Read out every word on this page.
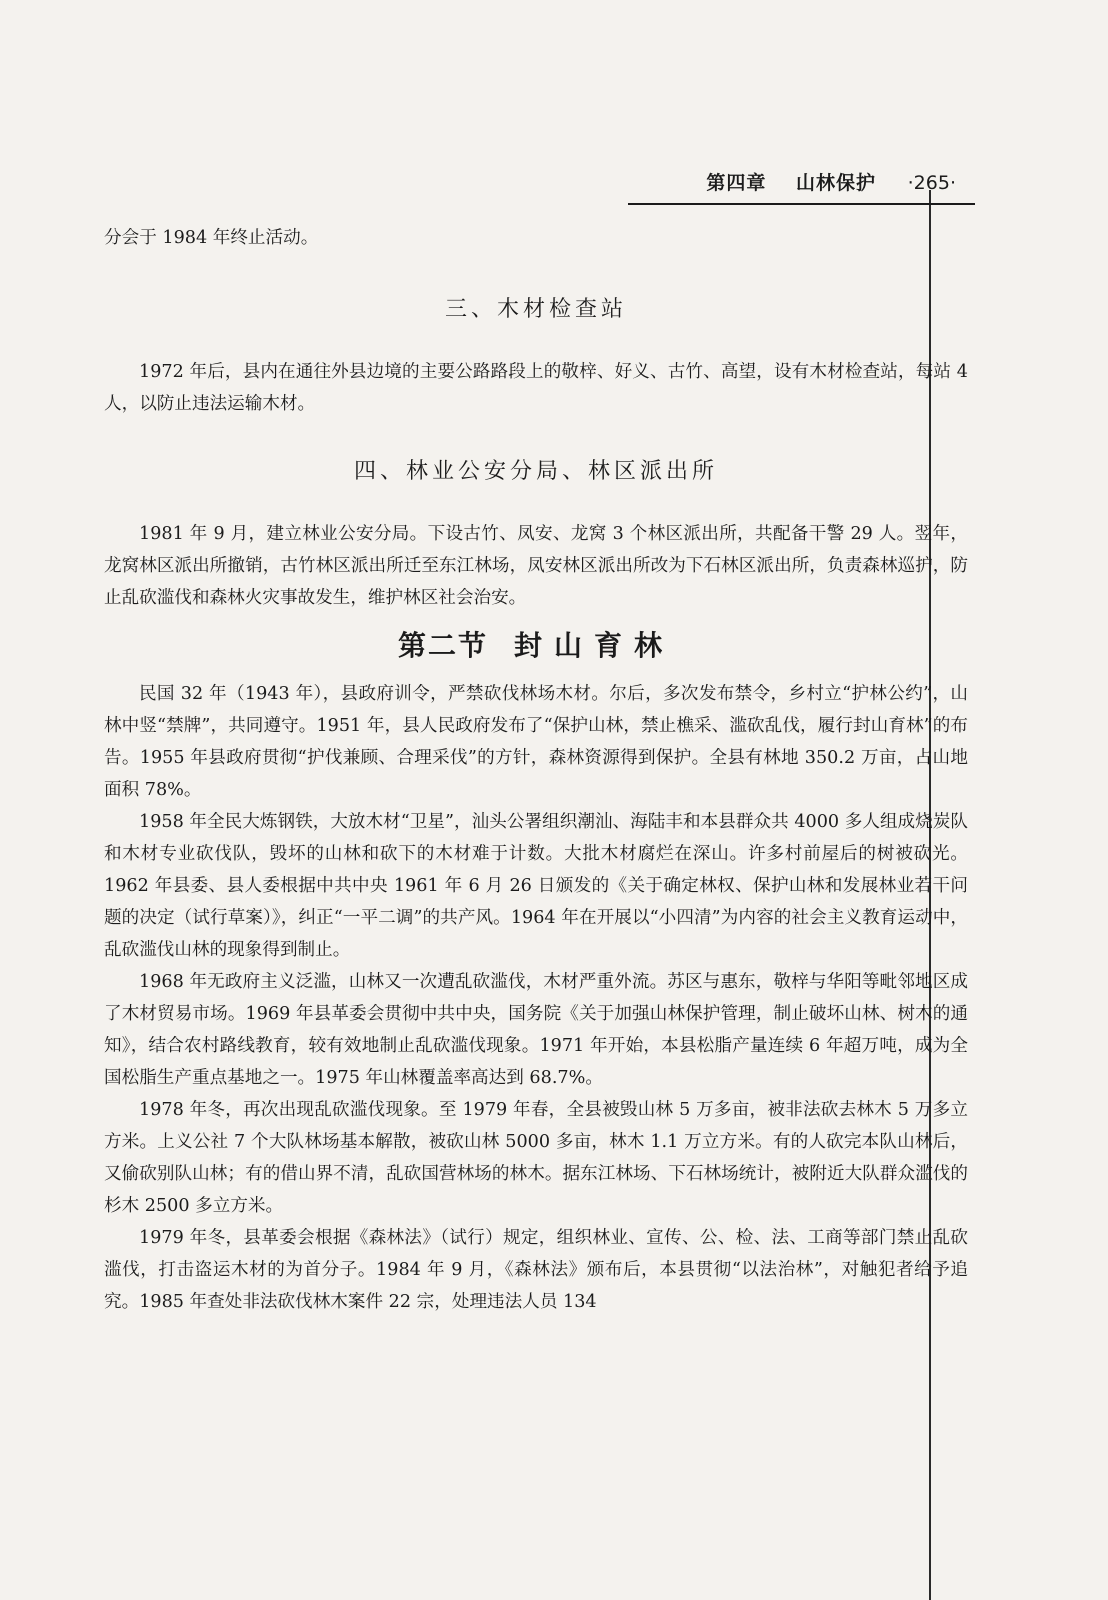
第四章 山林保护 ·265·

分会于 1984 年终止活动。

三、木材检查站

1972 年后，县内在通往外县边境的主要公路路段上的敬梓、好义、古竹、高望，设有木材检查站，每站 4 人，以防止违法运输木材。

四、林业公安分局、林区派出所

1981 年 9 月，建立林业公安分局。下设古竹、凤安、龙窝 3 个林区派出所，共配备干警 29 人。翌年，龙窝林区派出所撤销，古竹林区派出所迁至东江林场，凤安林区派出所改为下石林区派出所，负责森林巡护，防止乱砍滥伐和森林火灾事故发生，维护林区社会治安。

第二节 封山育林

民国 32 年（1943 年），县政府训令，严禁砍伐林场木材。尔后，多次发布禁令，乡村立“护林公约”，山林中竖“禁牌”，共同遵守。1951 年，县人民政府发布了“保护山林，禁止樵采、滥砍乱伐，履行封山育林”的布告。1955 年县政府贯彻“护伐兼顾、合理采伐”的方针，森林资源得到保护。全县有林地 350.2 万亩，占山地面积 78%。

1958 年全民大炼钢铁，大放木材“卫星”，汕头公署组织潮汕、海陆丰和本县群众共 4000 多人组成烧炭队和木材专业砍伐队，毁坏的山林和砍下的木材难于计数。大批木材腐烂在深山。许多村前屋后的树被砍光。1962 年县委、县人委根据中共中央 1961 年 6 月 26 日颁发的《关于确定林权、保护山林和发展林业若干问题的决定（试行草案）》，纠正“一平二调”的共产风。1964 年在开展以“小四清”为内容的社会主义教育运动中，乱砍滥伐山林的现象得到制止。

1968 年无政府主义泛滥，山林又一次遭乱砍滥伐，木材严重外流。苏区与惠东，敬梓与华阳等毗邻地区成了木材贸易市场。1969 年县革委会贯彻中共中央，国务院《关于加强山林保护管理，制止破坏山林、树木的通知》，结合农村路线教育，较有效地制止乱砍滥伐现象。1971 年开始，本县松脂产量连续 6 年超万吨，成为全国松脂生产重点基地之一。1975 年山林覆盖率高达到 68.7%。

1978 年冬，再次出现乱砍滥伐现象。至 1979 年春，全县被毁山林 5 万多亩，被非法砍去林木 5 万多立方米。上义公社 7 个大队林场基本解散，被砍山林 5000 多亩，林木 1.1 万立方米。有的人砍完本队山林后，又偷砍别队山林；有的借山界不清，乱砍国营林场的林木。据东江林场、下石林场统计，被附近大队群众滥伐的杉木 2500 多立方米。

1979 年冬，县革委会根据《森林法》（试行）规定，组织林业、宣传、公、检、法、工商等部门禁止乱砍滥伐，打击盗运木材的为首分子。1984 年 9 月，《森林法》颁布后，本县贯彻“以法治林”，对触犯者给予追究。1985 年查处非法砍伐林木案件 22 宗，处理违法人员 134
